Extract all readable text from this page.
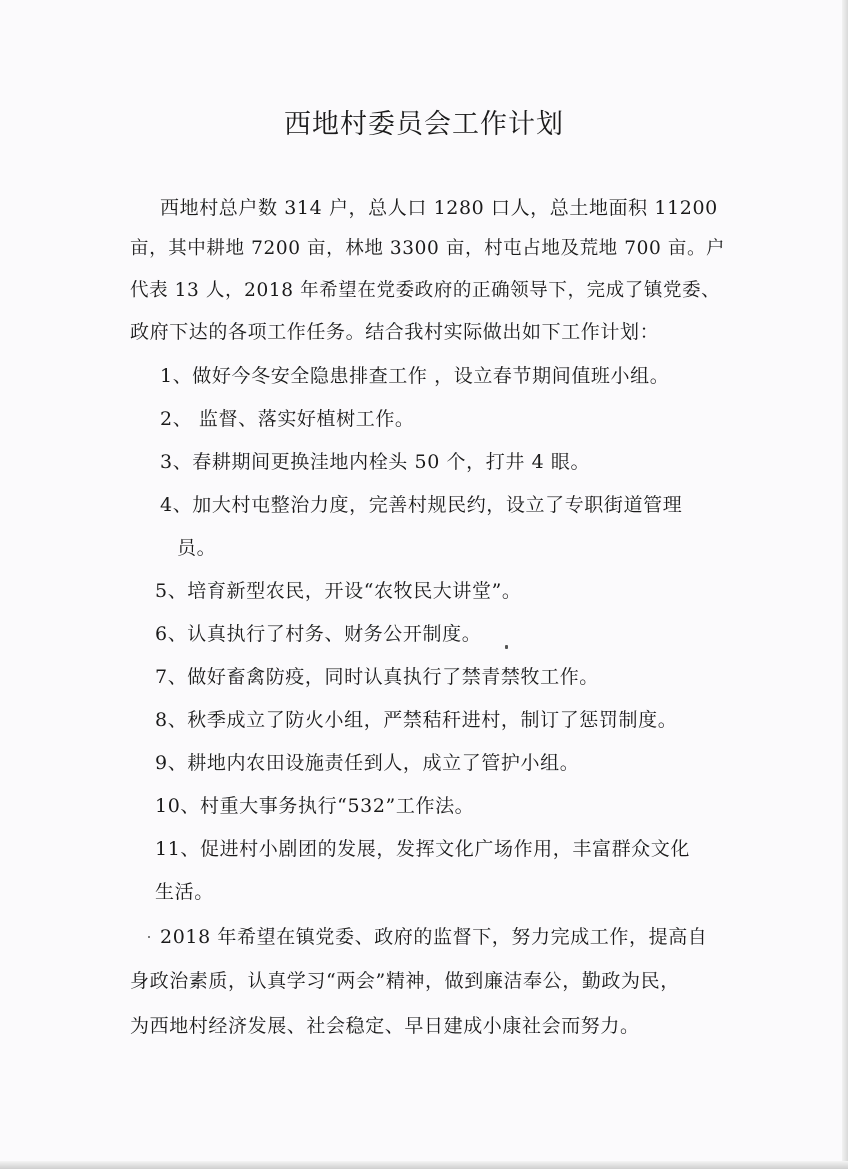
西地村委员会工作计划
西地村总户数 314 户，总人口 1280 口人，总土地面积 11200
亩，其中耕地 7200 亩，林地 3300 亩，村屯占地及荒地 700 亩。户
代表 13 人，2018 年希望在党委政府的正确领导下，完成了镇党委、
政府下达的各项工作任务。结合我村实际做出如下工作计划：
1、做好今冬安全隐患排查工作 ，设立春节期间值班小组。
2、 监督、落实好植树工作。
3、春耕期间更换洼地内栓头 50 个，打井 4 眼。
4、加大村屯整治力度，完善村规民约，设立了专职街道管理
员。
5、培育新型农民，开设“农牧民大讲堂”。
6、认真执行了村务、财务公开制度。
7、做好畜禽防疫，同时认真执行了禁青禁牧工作。
8、秋季成立了防火小组，严禁秸秆进村，制订了惩罚制度。
9、耕地内农田设施责任到人，成立了管护小组。
10、村重大事务执行“532”工作法。
11、促进村小剧团的发展，发挥文化广场作用，丰富群众文化
生活。
2018 年希望在镇党委、政府的监督下，努力完成工作，提高自
身政治素质，认真学习“两会”精神，做到廉洁奉公，勤政为民，
为西地村经济发展、社会稳定、早日建成小康社会而努力。
